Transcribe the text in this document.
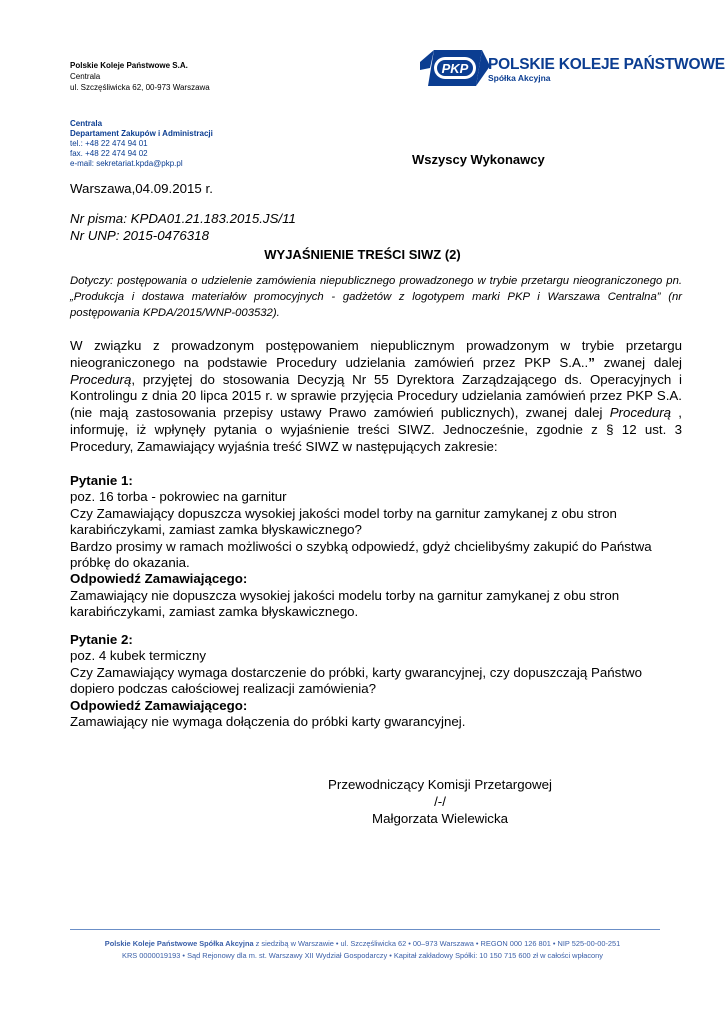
Polskie Koleje Państwowe S.A.
Centrala
ul. Szczęśliwicka 62, 00-973 Warszawa
PKP POLSKIE KOLEJE PAŃSTWOWE
Spółka Akcyjna
Centrala
Departament Zakupów i Administracji
tel.: +48 22 474 94 01
fax. +48 22 474 94 02
e-mail: sekretariat.kpda@pkp.pl	Wszyscy Wykonawcy
Warszawa,04.09.2015 r.
Nr pisma: KPDA01.21.183.2015.JS/11
Nr UNP: 2015-0476318
WYJAŚNIENIE TREŚCI SIWZ (2)
Dotyczy: postępowania o udzielenie zamówienia niepublicznego prowadzonego w trybie przetargu nieograniczonego pn. „Produkcja i dostawa materiałów promocyjnych - gadżetów z logotypem marki PKP i Warszawa Centralna” (nr postępowania KPDA/2015/WNP-003532).

W związku z prowadzonym postępowaniem niepublicznym prowadzonym w trybie przetargu nieograniczonego na podstawie Procedury udzielania zamówień przez PKP S.A..” zwanej dalej Procedurą, przyjętej do stosowania Decyzją Nr 55 Dyrektora Zarządzającego ds. Operacyjnych i Kontrolingu z dnia 20 lipca 2015 r. w sprawie przyjęcia Procedury udzielania zamówień przez PKP S.A. (nie mają zastosowania przepisy ustawy Prawo zamówień publicznych), zwanej dalej Procedurą , informuję, iż wpłynęły pytania o wyjaśnienie treści SIWZ. Jednocześnie, zgodnie z § 12 ust. 3 Procedury, Zamawiający wyjaśnia treść SIWZ w następujących zakresie:

Pytanie 1:
poz. 16 torba - pokrowiec na garnitur
Czy Zamawiający dopuszcza wysokiej jakości model torby na garnitur zamykanej z obu stron karabińczykami, zamiast zamka błyskawicznego?
Bardzo prosimy w ramach możliwości o szybką odpowiedź, gdyż chcielibyśmy zakupić do Państwa próbkę do okazania.
Odpowiedź Zamawiającego:
Zamawiający nie dopuszcza wysokiej jakości modelu torby na garnitur zamykanej z obu stron karabińczykami, zamiast zamka błyskawicznego.
Pytanie 2:
poz. 4 kubek termiczny
Czy Zamawiający wymaga dostarczenie do próbki, karty gwarancyjnej, czy dopuszczają Państwo dopiero podczas całościowej realizacji zamówienia?
Odpowiedź Zamawiającego:
Zamawiający nie wymaga dołączenia do próbki karty gwarancyjnej.
Przewodniczący Komisji Przetargowej
/-/
Małgorzata Wielewicka
Polskie Koleje Państwowe Spółka Akcyjna z siedzibą w Warszawie • ul. Szczęśliwicka 62 • 00–973 Warszawa • REGON 000 126 801 • NIP 525-00-00-251
KRS 0000019193 • Sąd Rejonowy dla m. st. Warszawy XII Wydział Gospodarczy • Kapitał zakładowy Spółki: 10 150 715 600 zł w całości wpłacony
